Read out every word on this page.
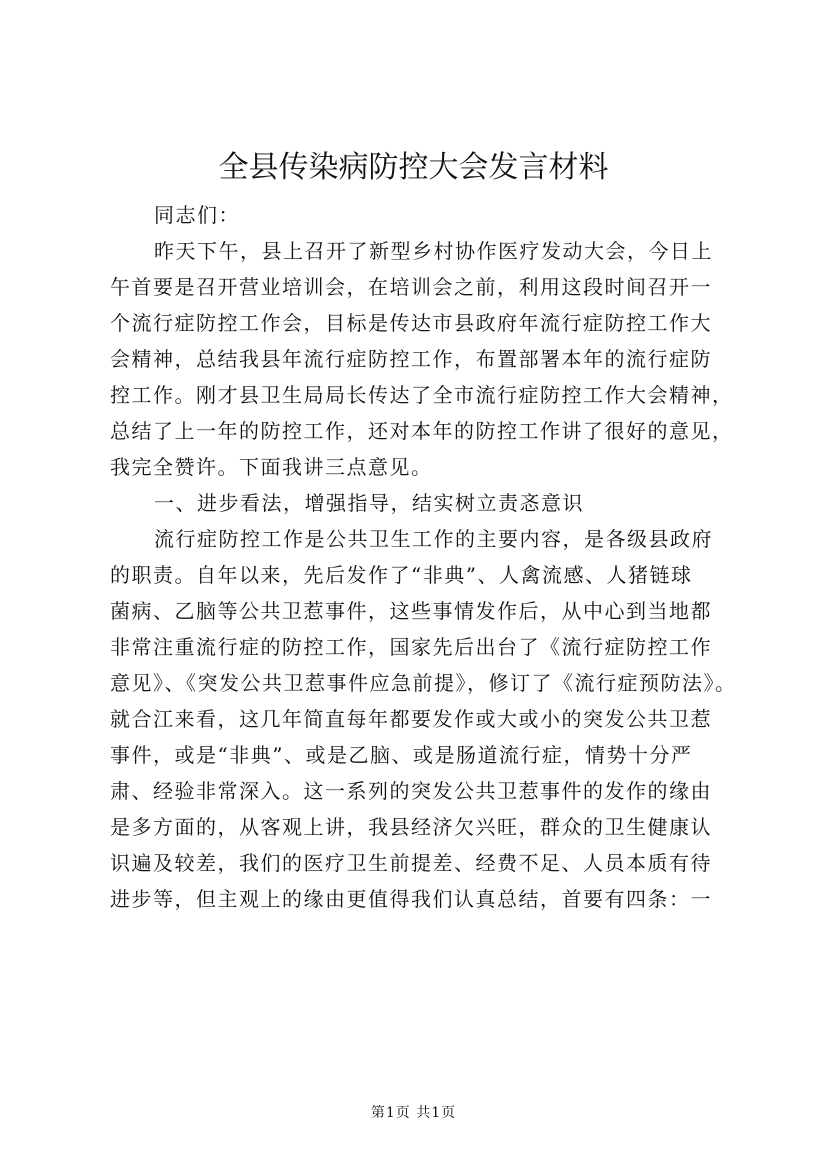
全县传染病防控大会发言材料
同志们：
昨天下午，县上召开了新型乡村协作医疗发动大会，今日上
午首要是召开营业培训会，在培训会之前，利用这段时间召开一
个流行症防控工作会，目标是传达市县政府年流行症防控工作大
会精神，总结我县年流行症防控工作，布置部署本年的流行症防
控工作。刚才县卫生局局长传达了全市流行症防控工作大会精神，
总结了上一年的防控工作，还对本年的防控工作讲了很好的意见，
我完全赞许。下面我讲三点意见。
一、进步看法，增强指导，结实树立责忞意识
流行症防控工作是公共卫生工作的主要内容，是各级县政府
的职责。自年以来，先后发作了“非典”、人禽流感、人猪链球
菌病、乙脑等公共卫惹事件，这些事情发作后，从中心到当地都
非常注重流行症的防控工作，国家先后出台了《流行症防控工作
意见》、《突发公共卫惹事件应急前提》，修订了《流行症预防法》。
就合江来看，这几年简直每年都要发作或大或小的突发公共卫惹
事件，或是“非典”、或是乙脑、或是肠道流行症，情势十分严
肃、经验非常深入。这一系列的突发公共卫惹事件的发作的缘由
是多方面的，从客观上讲，我县经济欠兴旺，群众的卫生健康认
识遍及较差，我们的医疗卫生前提差、经费不足、人员本质有待
进步等，但主观上的缘由更值得我们认真总结，首要有四条：一
第1页 共1页
